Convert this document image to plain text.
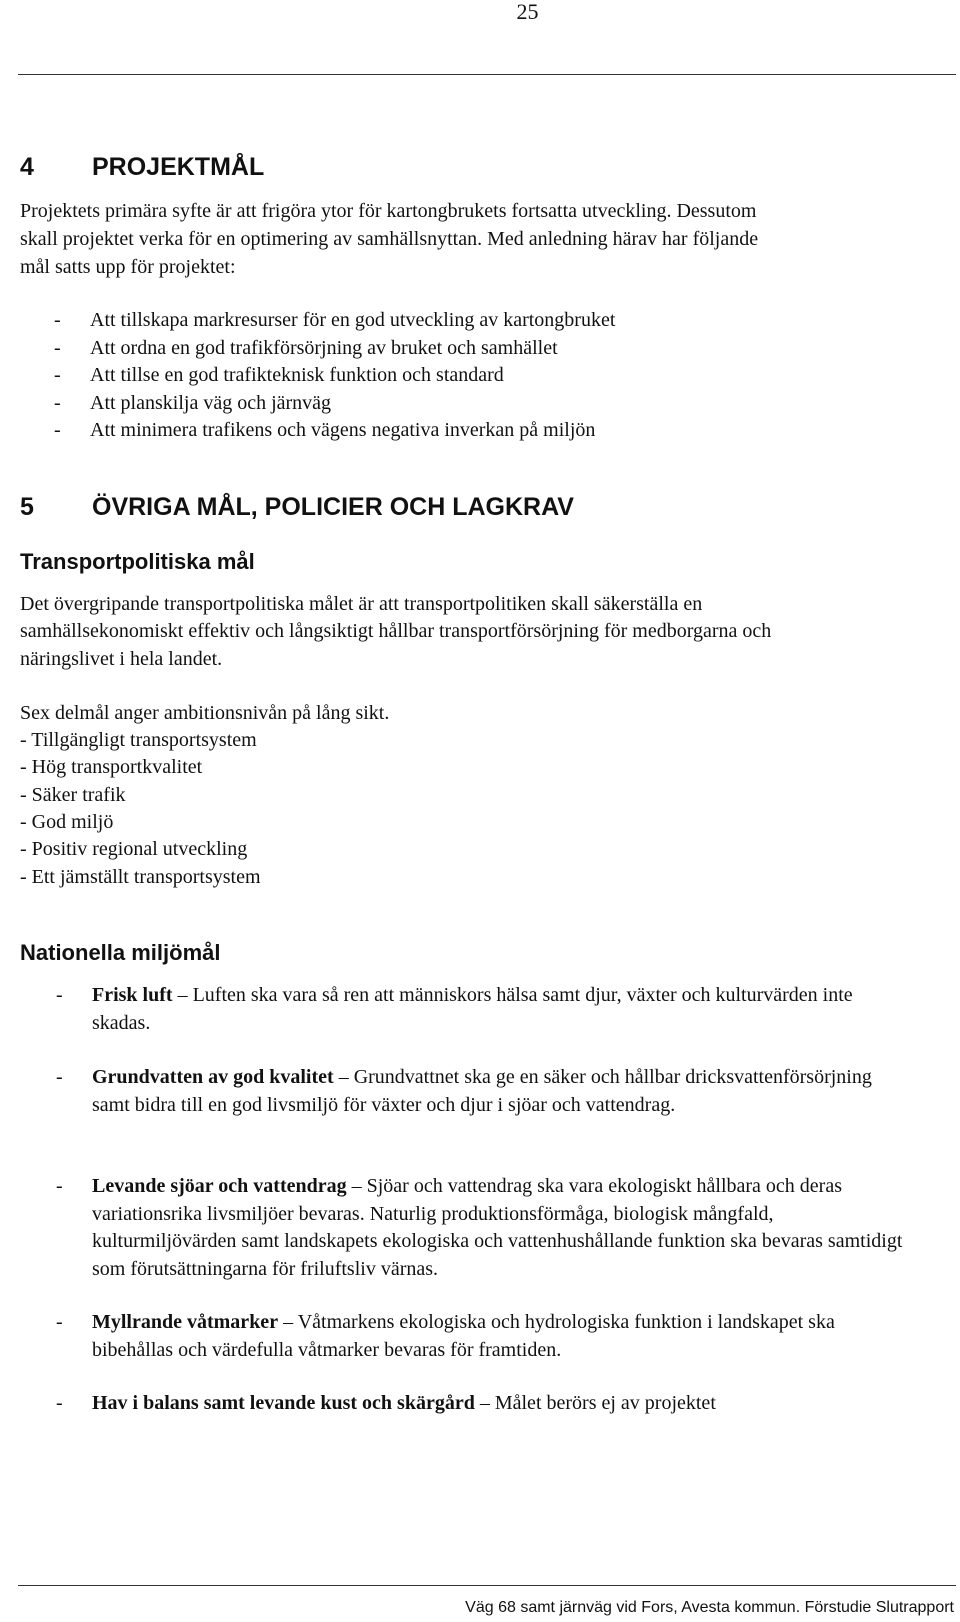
25
4 PROJEKTMÅL
Projektets primära syfte är att frigöra ytor för kartongbrukets fortsatta utveckling. Dessutom
skall projektet verka för en optimering av samhällsnyttan. Med anledning härav har följande
mål satts upp för projektet:
- Att tillskapa markresurser för en god utveckling av kartongbruket
- Att ordna en god trafikförsörjning av bruket och samhället
- Att tillse en god trafikteknisk funktion och standard
- Att planskilja väg och järnväg
- Att minimera trafikens och vägens negativa inverkan på miljön
5 ÖVRIGA MÅL, POLICIER OCH LAGKRAV
Transportpolitiska mål
Det övergripande transportpolitiska målet är att transportpolitiken skall säkerställa en
samhällsekonomiskt effektiv och långsiktigt hållbar transportförsörjning för medborgarna och
näringslivet i hela landet.
Sex delmål anger ambitionsnivån på lång sikt.
- Tillgängligt transportsystem
- Hög transportkvalitet
- Säker trafik
- God miljö
- Positiv regional utveckling
- Ett jämställt transportsystem
Nationella miljömål
- Frisk luft – Luften ska vara så ren att människors hälsa samt djur, växter och kulturvärden inte skadas.
- Grundvatten av god kvalitet – Grundvattnet ska ge en säker och hållbar dricksvattenförsörjning samt bidra till en god livsmiljö för växter och djur i sjöar och vattendrag.
- Levande sjöar och vattendrag – Sjöar och vattendrag ska vara ekologiskt hållbara och deras variationsrika livsmiljöer bevaras. Naturlig produktionsförmåga, biologisk mångfald, kulturmiljövärden samt landskapets ekologiska och vattenhushållande funktion ska bevaras samtidigt som förutsättningarna för friluftsliv värnas.
- Myllrande våtmarker – Våtmarkens ekologiska och hydrologiska funktion i landskapet ska bibehållas och värdefulla våtmarker bevaras för framtiden.
- Hav i balans samt levande kust och skärgård – Målet berörs ej av projektet
Väg 68 samt järnväg vid Fors, Avesta kommun. Förstudie Slutrapport
